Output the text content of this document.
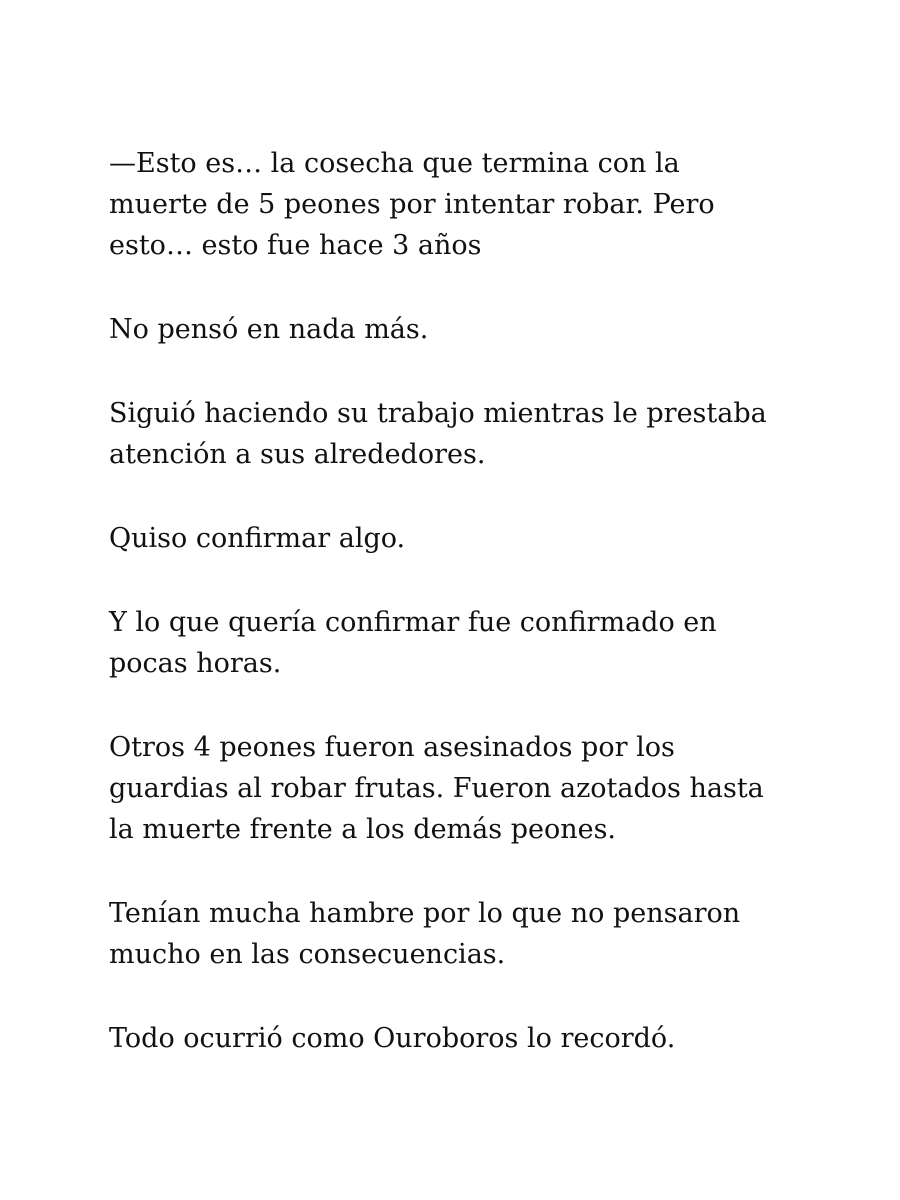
—Esto es… la cosecha que termina con la
muerte de 5 peones por intentar robar. Pero
esto… esto fue hace 3 años

No pensó en nada más.

Siguió haciendo su trabajo mientras le prestaba
atención a sus alrededores.

Quiso confirmar algo.

Y lo que quería confirmar fue confirmado en
pocas horas.

Otros 4 peones fueron asesinados por los
guardias al robar frutas. Fueron azotados hasta
la muerte frente a los demás peones.

Tenían mucha hambre por lo que no pensaron
mucho en las consecuencias.

Todo ocurrió como Ouroboros lo recordó.
